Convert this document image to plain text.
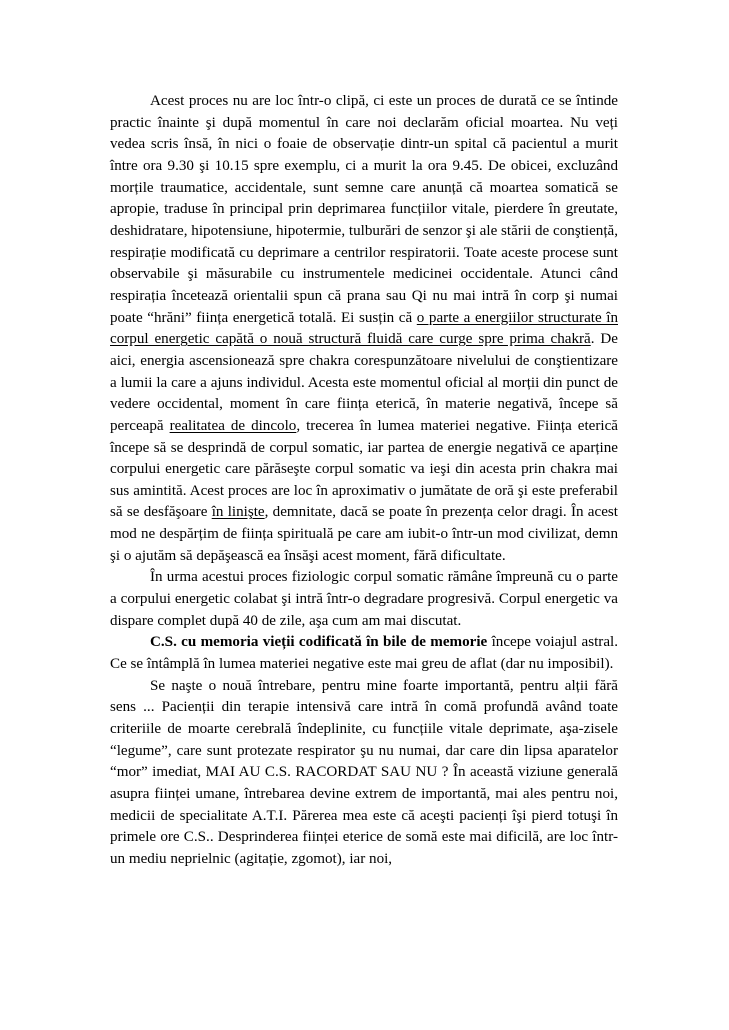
Acest proces nu are loc într-o clipă, ci este un proces de durată ce se întinde practic înainte şi după momentul în care noi declarăm oficial moartea. Nu veți vedea scris însă, în nici o foaie de observație dintr-un spital că pacientul a murit între ora 9.30 şi 10.15 spre exemplu, ci a murit la ora 9.45. De obicei, excluzând morțile traumatice, accidentale, sunt semne care anunță că moartea somatică se apropie, traduse în principal prin deprimarea funcțiilor vitale, pierdere în greutate, deshidratare, hipotensiune, hipotermie, tulburări de senzor şi ale stării de conştiență, respirație modificată cu deprimare a centrilor respiratorii. Toate aceste procese sunt observabile şi măsurabile cu instrumentele medicinei occidentale. Atunci când respirația încetează orientalii spun că prana sau Qi nu mai intră în corp şi numai poate “hrăni” ființa energetică totală. Ei susțin că o parte a energiilor structurate în corpul energetic capătă o nouă structură fluidă care curge spre prima chakră. De aici, energia ascensionează spre chakra corespunzătoare nivelului de conştientizare a lumii la care a ajuns individul. Acesta este momentul oficial al morții din punct de vedere occidental, moment în care ființa eterică, în materie negativă, începe să perceapă realitatea de dincolo, trecerea în lumea materiei negative. Ființa eterică începe să se desprindă de corpul somatic, iar partea de energie negativă ce aparține corpului energetic care părăseşte corpul somatic va ieşi din acesta prin chakra mai sus amintită. Acest proces are loc în aproximativ o jumătate de oră şi este preferabil să se desfăşoare în linişte, demnitate, dacă se poate în prezența celor dragi. În acest mod ne despărțim de ființa spirituală pe care am iubit-o într-un mod civilizat, demn şi o ajutăm să depăşească ea însăşi acest moment, fără dificultate.

În urma acestui proces fiziologic corpul somatic rămâne împreună cu o parte a corpului energetic colabat şi intră într-o degradare progresivă. Corpul energetic va dispare complet după 40 de zile, aşa cum am mai discutat.

C.S. cu memoria vieții codificată în bile de memorie începe voiajul astral. Ce se întâmplă în lumea materiei negative este mai greu de aflat (dar nu imposibil).

Se naşte o nouă întrebare, pentru mine foarte importantă, pentru alții fără sens ... Pacienții din terapie intensivă care intră în comă profundă având toate criteriile de moarte cerebrală îndeplinite, cu funcțiile vitale deprimate, aşa-zisele “legume”, care sunt protezate respirator şu nu numai, dar care din lipsa aparatelor “mor” imediat, MAI AU C.S. RACORDAT SAU NU ? În această viziune generală asupra ființei umane, întrebarea devine extrem de importantă, mai ales pentru noi, medicii de specialitate A.T.I. Părerea mea este că aceşti pacienți îşi pierd totuşi în primele ore C.S.. Desprinderea ființei eterice de somă este mai dificilă, are loc într-un mediu neprielnic (agitație, zgomot), iar noi,
